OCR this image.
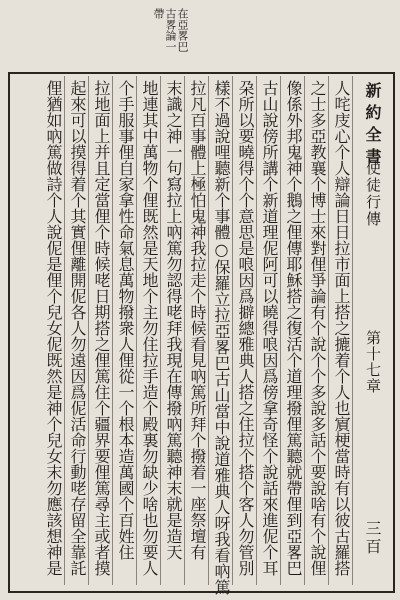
在亞畧巴
古畧論一
帶
新約全書
使徒行傳
第十七章
三百
人咤庋心个人辯論日日拉市面上搭之摝着个人也賔梗當時有以彼古羅搭
之士多亞教襄个博士來對俚爭論有个說个个多說多話个要說啥有个說俚
像係外邦鬼神个鵝之俚傳耶穌搭之復活个道理撥俚篤聽就帶俚到亞畧巴
古山說傍所講个新道理伲阿可以曉得哴因爲傍拿奇怪个說話來進伲个耳
朶所以要曉得个个意思是哴因爲擗總雅典人搭之住拉个搭个客人勿管別
樣不過說哩聽新个事體○保羅立拉亞畧巴古山當中說道雅典人呀我看吶篤
拉凡百事體上極怕鬼神我拉走个時候看見吶篤所拜个撥着一座祭壇有
末識之神一句寫拉上吶篤勿認得咾拜我現在傳撥吶篤聽神末就是造天
地連其中萬物个俚既然是天地个主勿住拉手造个殿裏勿缺少啥也勿要人
个手服事俚自家拿性命氣息萬物撥衆人俚從一个根本造萬國个百姓住
拉地面上并且定當俚个時候咾日期搭之俚篤住个疆界要俚篤尋主或者摸
起來可以摸得着个其實俚離開伲各人勿遠因爲伲活命行動咾存留全靠託
俚猶如吶篤做詩个人說伲是俚个兒女伲既然是神个兒女末勿應該想神是
